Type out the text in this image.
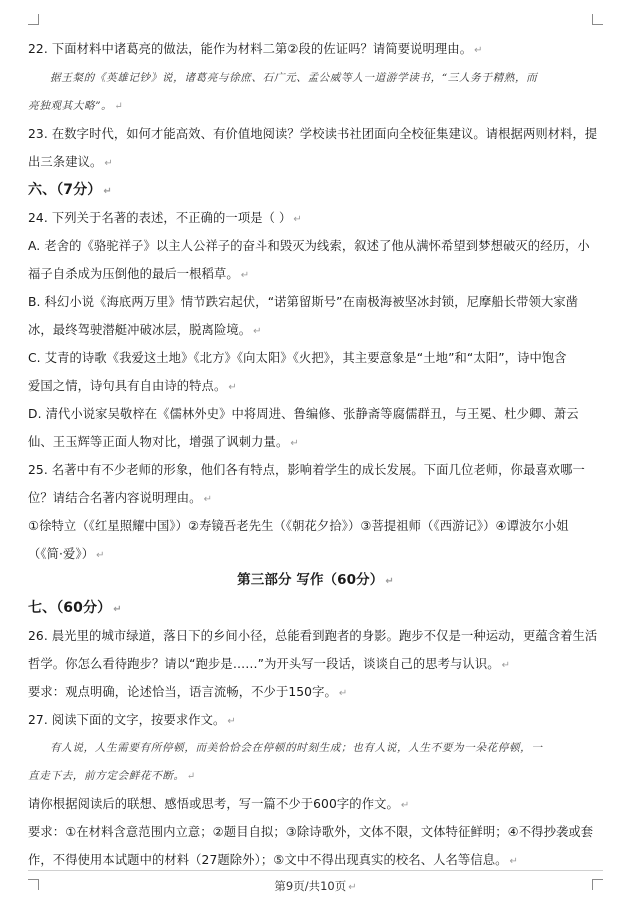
22. 下面材料中诸葛亮的做法，能作为材料二第②段的佐证吗？请简要说明理由。 ↵
据王粲的《英雄记钞》说，诸葛亮与徐庶、石广元、孟公威等人一道游学读书，“三人务于精熟，而
亮独观其大略”。 ↵
23. 在数字时代，如何才能高效、有价值地阅读？学校读书社团面向全校征集建议。请根据两则材料，提
出三条建议。 ↵
六、（7分） ↵
24. 下列关于名著的表述，不正确的一项是（ ） ↵
A. 老舍的《骆驼祥子》以主人公祥子的奋斗和毁灭为线索，叙述了他从满怀希望到梦想破灭的经历，小
福子自杀成为压倒他的最后一根稻草。 ↵
B. 科幻小说《海底两万里》情节跌宕起伏，“诺第留斯号”在南极海被坚冰封锁，尼摩船长带领大家凿
冰，最终驾驶潜艇冲破冰层，脱离险境。 ↵
C. 艾青的诗歌《我爱这土地》《北方》《向太阳》《火把》，其主要意象是“土地”和“太阳”，诗中饱含
爱国之情，诗句具有自由诗的特点。 ↵
D. 清代小说家吴敬梓在《儒林外史》中将周进、鲁编修、张静斋等腐儒群丑，与王冕、杜少卿、萧云
仙、王玉辉等正面人物对比，增强了讽刺力量。 ↵
25. 名著中有不少老师的形象，他们各有特点，影响着学生的成长发展。下面几位老师，你最喜欢哪一
位？请结合名著内容说明理由。 ↵
①徐特立（《红星照耀中国》）②寿镜吾老先生（《朝花夕拾》）③菩提祖师（《西游记》）④谭波尔小姐
（《简·爱》） ↵
第三部分 写作（60分） ↵
七、（60分） ↵
26. 晨光里的城市绿道，落日下的乡间小径，总能看到跑者的身影。跑步不仅是一种运动，更蕴含着生活
哲学。你怎么看待跑步？请以“跑步是……”为开头写一段话，谈谈自己的思考与认识。 ↵
要求：观点明确，论述恰当，语言流畅，不少于150字。 ↵
27. 阅读下面的文字，按要求作文。 ↵
有人说，人生需要有所停顿，而美恰恰会在停顿的时刻生成；也有人说，人生不要为一朵花停顿，一
直走下去，前方定会鲜花不断。 ↵
请你根据阅读后的联想、感悟或思考，写一篇不少于600字的作文。 ↵
要求：①在材料含意范围内立意；②题目自拟；③除诗歌外，文体不限，文体特征鲜明；④不得抄袭或套
作，不得使用本试题中的材料（27题除外）；⑤文中不得出现真实的校名、人名等信息。 ↵
第9页/共10页 ↵
